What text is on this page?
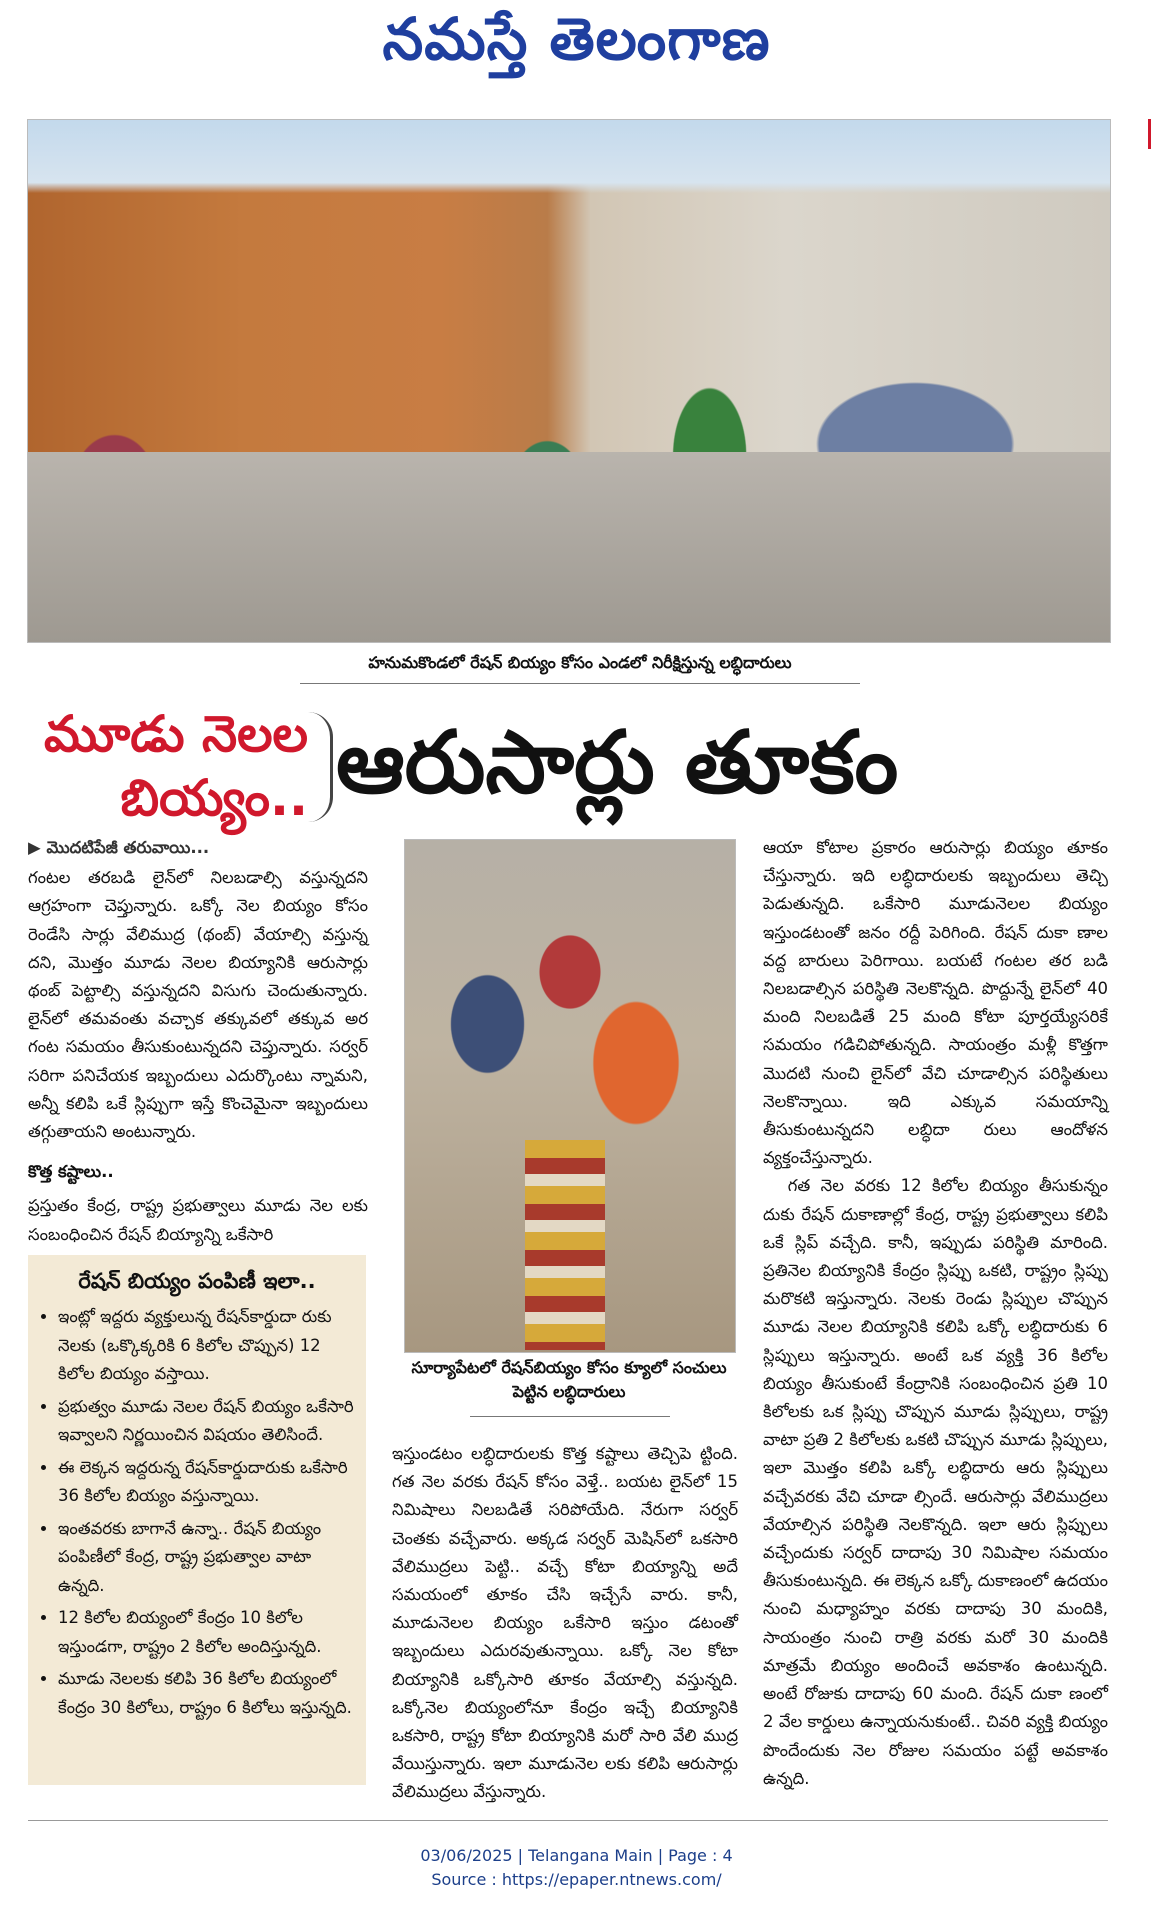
నమస్తే తెలంగాణ
హనుమకొండలో రేషన్ బియ్యం కోసం ఎండలో నిరీక్షిస్తున్న లబ్ధిదారులు
మూడు నెలల
బియ్యం.. ఆరుసార్లు తూకం

▶ మొదటిపేజీ తరువాయి...

గంటల తరబడి లైన్‌లో నిలబడాల్సి వస్తున్నదని ఆగ్రహంగా చెప్తున్నారు. ఒక్కో నెల బియ్యం కోసం రెండేసి సార్లు వేలిముద్ర (థంబ్) వేయాల్సి వస్తున్న దని, మొత్తం మూడు నెలల బియ్యానికి ఆరుసార్లు థంబ్ పెట్టాల్సి వస్తున్నదని విసుగు చెందుతున్నారు. లైన్‌లో తమవంతు వచ్చాక తక్కువలో తక్కువ అర గంట సమయం తీసుకుంటున్నదని చెప్తున్నారు. సర్వర్ సరిగా పనిచేయక ఇబ్బందులు ఎదుర్కొంటు న్నామని, అన్నీ కలిపి ఒకే స్లిప్పుగా ఇస్తే కొంచెమైనా ఇబ్బందులు తగ్గుతాయని అంటున్నారు.

కొత్త కష్టాలు..

ప్రస్తుతం కేంద్ర, రాష్ట్ర ప్రభుత్వాలు మూడు నెల లకు సంబంధించిన రేషన్ బియ్యాన్ని ఒకేసారి

రేషన్ బియ్యం పంపిణీ ఇలా..

• ఇంట్లో ఇద్దరు వ్యక్తులున్న రేషన్‌కార్డుదా రుకు నెలకు (ఒక్కొక్కరికి 6 కిలోల చొప్పున) 12 కిలోల బియ్యం వస్తాయి.
• ప్రభుత్వం మూడు నెలల రేషన్ బియ్యం ఒకేసారి ఇవ్వాలని నిర్ణయించిన విషయం తెలిసిందే.
• ఈ లెక్కన ఇద్దరున్న రేషన్‌కార్డుదారుకు ఒకేసారి 36 కిలోల బియ్యం వస్తున్నాయి.
• ఇంతవరకు బాగానే ఉన్నా.. రేషన్ బియ్యం పంపిణీలో కేంద్ర, రాష్ట్ర ప్రభుత్వాల వాటా ఉన్నది.
• 12 కిలోల బియ్యంలో కేంద్రం 10 కిలోల ఇస్తుండగా, రాష్ట్రం 2 కిలోల అందిస్తున్నది.
• మూడు నెలలకు కలిపి 36 కిలోల బియ్యంలో కేంద్రం 30 కిలోలు, రాష్ట్రం 6 కిలోలు ఇస్తున్నది.
సూర్యాపేటలో రేషన్‌బియ్యం కోసం క్యూలో సంచులు పెట్టిన లబ్ధిదారులు

ఇస్తుండటం లబ్ధిదారులకు కొత్త కష్టాలు తెచ్చిపె ట్టింది. గత నెల వరకు రేషన్ కోసం వెళ్తే.. బయట లైన్‌లో 15 నిమిషాలు నిలబడితే సరిపోయేది. నేరుగా సర్వర్ చెంతకు వచ్చేవారు. అక్కడ సర్వర్ మెషిన్‌లో ఒకసారి వేలిముద్రలు పెట్టి.. వచ్చే కోటా బియ్యాన్ని అదే సమయంలో తూకం చేసి ఇచ్చేసే వారు. కానీ, మూడునెలల బియ్యం ఒకేసారి ఇస్తుం డటంతో ఇబ్బందులు ఎదురవుతున్నాయి. ఒక్కో నెల కోటా బియ్యానికి ఒక్కోసారి తూకం వేయాల్సి వస్తున్నది. ఒక్కోనెల బియ్యంలోనూ కేంద్రం ఇచ్చే బియ్యానికి ఒకసారి, రాష్ట్ర కోటా బియ్యానికి మరో సారి వేలి ముద్ర వేయిస్తున్నారు. ఇలా మూడునెల లకు కలిపి ఆరుసార్లు వేలిముద్రలు వేస్తున్నారు.

ఆయా కోటాల ప్రకారం ఆరుసార్లు బియ్యం తూకం చేస్తున్నారు. ఇది లబ్ధిదారులకు ఇబ్బందులు తెచ్చి పెడుతున్నది. ఒకేసారి మూడునెలల బియ్యం ఇస్తుండటంతో జనం రద్దీ పెరిగింది. రేషన్ దుకా ణాల వద్ద బారులు పెరిగాయి. బయటే గంటల తర బడి నిలబడాల్సిన పరిస్థితి నెలకొన్నది. పొద్దున్నే లైన్‌లో 40 మంది నిలబడితే 25 మంది కోటా పూర్తయ్యేసరికే సమయం గడిచిపోతున్నది. సాయంత్రం మళ్లీ కొత్తగా మొదటి నుంచి లైన్‌లో వేచి చూడాల్సిన పరిస్థితులు నెలకొన్నాయి. ఇది ఎక్కువ సమయాన్ని తీసుకుంటున్నదని లబ్ధిదా రులు ఆందోళన వ్యక్తంచేస్తున్నారు.

గత నెల వరకు 12 కిలోల బియ్యం తీసుకున్నం దుకు రేషన్ దుకాణాల్లో కేంద్ర, రాష్ట్ర ప్రభుత్వాలు కలిపి ఒకే స్లిప్ వచ్చేది. కానీ, ఇప్పుడు పరిస్థితి మారింది. ప్రతినెల బియ్యానికి కేంద్రం స్లిప్పు ఒకటి, రాష్ట్రం స్లిప్పు మరొకటి ఇస్తున్నారు. నెలకు రెండు స్లిప్పుల చొప్పున మూడు నెలల బియ్యానికి కలిపి ఒక్కో లబ్ధిదారుకు 6 స్లిప్పులు ఇస్తున్నారు. అంటే ఒక వ్యక్తి 36 కిలోల బియ్యం తీసుకుంటే కేంద్రానికి సంబంధించిన ప్రతి 10 కిలోలకు ఒక స్లిప్పు చొప్పున మూడు స్లిప్పులు, రాష్ట్ర వాటా ప్రతి 2 కిలోలకు ఒకటి చొప్పున మూడు స్లిప్పులు, ఇలా మొత్తం కలిపి ఒక్కో లబ్ధిదారు ఆరు స్లిప్పులు వచ్చేవరకు వేచి చూడా ల్సిందే. ఆరుసార్లు వేలిముద్రలు వేయాల్సిన పరిస్థితి నెలకొన్నది. ఇలా ఆరు స్లిప్పులు వచ్చేందుకు సర్వర్ దాదాపు 30 నిమిషాల సమయం తీసుకుంటున్నది. ఈ లెక్కన ఒక్కో దుకాణంలో ఉదయం నుంచి మధ్యాహ్నం వరకు దాదాపు 30 మందికి, సాయంత్రం నుంచి రాత్రి వరకు మరో 30 మందికి మాత్రమే బియ్యం అందించే అవకాశం ఉంటున్నది. అంటే రోజుకు దాదాపు 60 మంది. రేషన్ దుకా ణంలో 2 వేల కార్డులు ఉన్నాయనుకుంటే.. చివరి వ్యక్తి బియ్యం పొందేందుకు నెల రోజుల సమయం పట్టే అవకాశం ఉన్నది.

03/06/2025 | Telangana Main | Page : 4
Source : https://epaper.ntnews.com/
